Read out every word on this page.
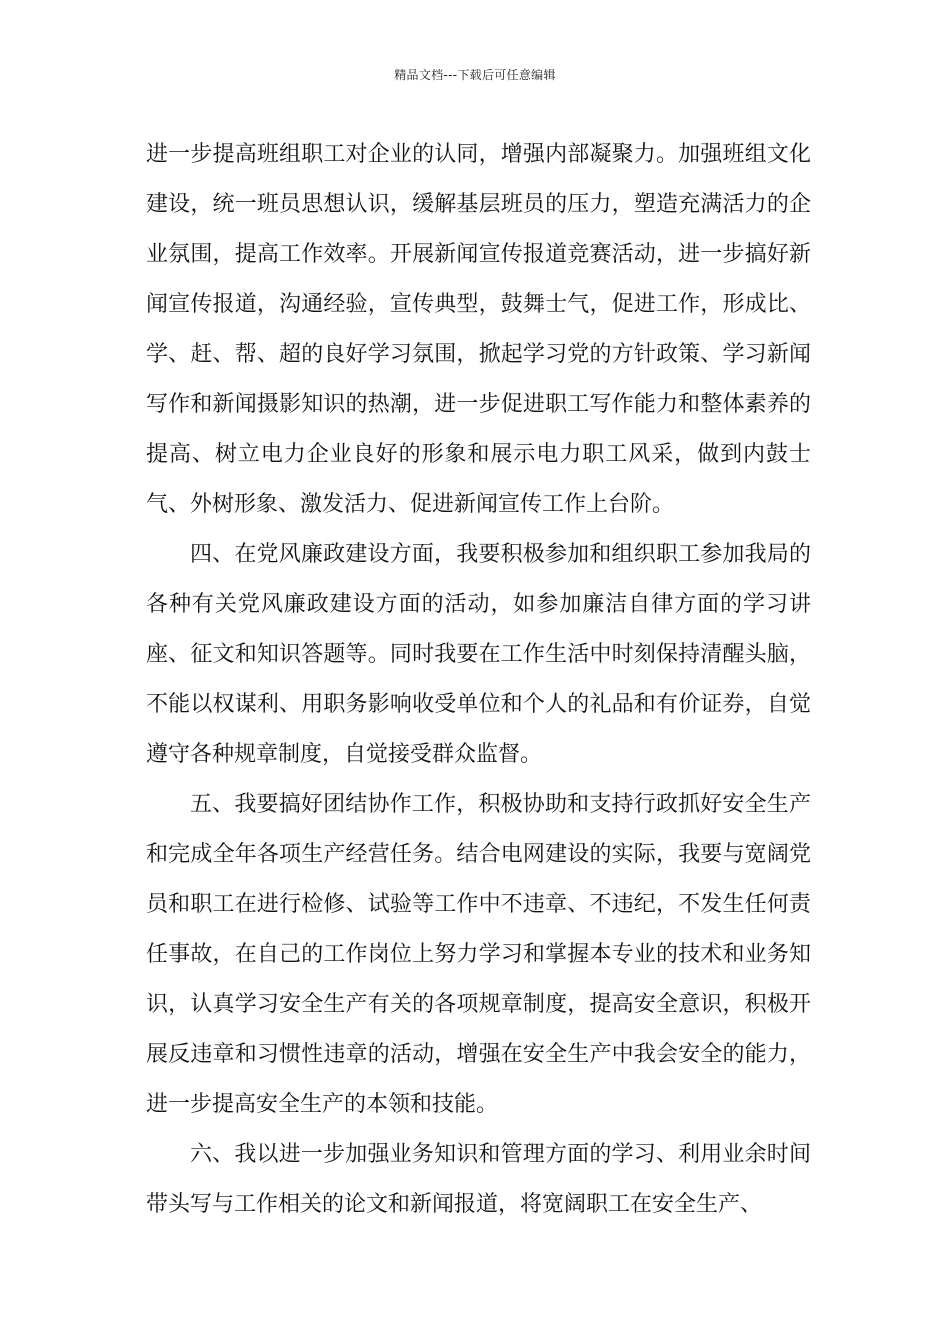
精品文档---下载后可任意编辑

进一步提高班组职工对企业的认同，增强内部凝聚力。加强班组文化建设，统一班员思想认识，缓解基层班员的压力，塑造充满活力的企业氛围，提高工作效率。开展新闻宣传报道竞赛活动，进一步搞好新闻宣传报道，沟通经验，宣传典型，鼓舞士气，促进工作，形成比、学、赶、帮、超的良好学习氛围，掀起学习党的方针政策、学习新闻写作和新闻摄影知识的热潮，进一步促进职工写作能力和整体素养的提高、树立电力企业良好的形象和展示电力职工风采，做到内鼓士气、外树形象、激发活力、促进新闻宣传工作上台阶。

四、在党风廉政建设方面，我要积极参加和组织职工参加我局的各种有关党风廉政建设方面的活动，如参加廉洁自律方面的学习讲座、征文和知识答题等。同时我要在工作生活中时刻保持清醒头脑，不能以权谋利、用职务影响收受单位和个人的礼品和有价证券，自觉遵守各种规章制度，自觉接受群众监督。

五、我要搞好团结协作工作，积极协助和支持行政抓好安全生产和完成全年各项生产经营任务。结合电网建设的实际，我要与宽阔党员和职工在进行检修、试验等工作中不违章、不违纪，不发生任何责任事故，在自己的工作岗位上努力学习和掌握本专业的技术和业务知识，认真学习安全生产有关的各项规章制度，提高安全意识，积极开展反违章和习惯性违章的活动，增强在安全生产中我会安全的能力，进一步提高安全生产的本领和技能。

六、我以进一步加强业务知识和管理方面的学习、利用业余时间带头写与工作相关的论文和新闻报道，将宽阔职工在安全生产、
